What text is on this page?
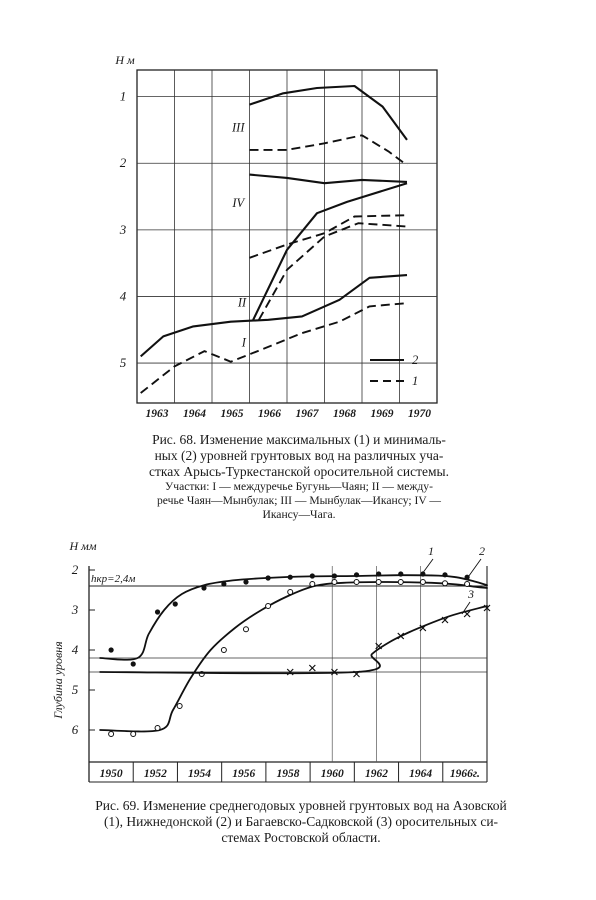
1
2
3
4
5
Н м
1963 1964 1965 1966 1967 1968 1969 1970
III
IV
II
I
2
1

Рис. 68. Изменение максимальных (1) и минималь-

ных (2) уровней грунтовых вод на различных уча-

стках Арысь-Туркестанской оросительной системы.

Участки: I — междуречье Бугунь—Чаян; II — между-

речье Чаян—Мынбулак; III — Мынбулак—Икансу; IV —

Икансу—Чага.

2
3
4
5
6
Н мм
Глубина уровня
1950 1952 1954 1956 1958 1960 1962 1964 1966г.
hкр=2,4м
1	2
3

Рис. 69. Изменение среднегодовых уровней грунтовых вод на Азовской

(1), Нижнедонской (2) и Багаевско-Садковской (3) оросительных си-

стемах Ростовской области.
